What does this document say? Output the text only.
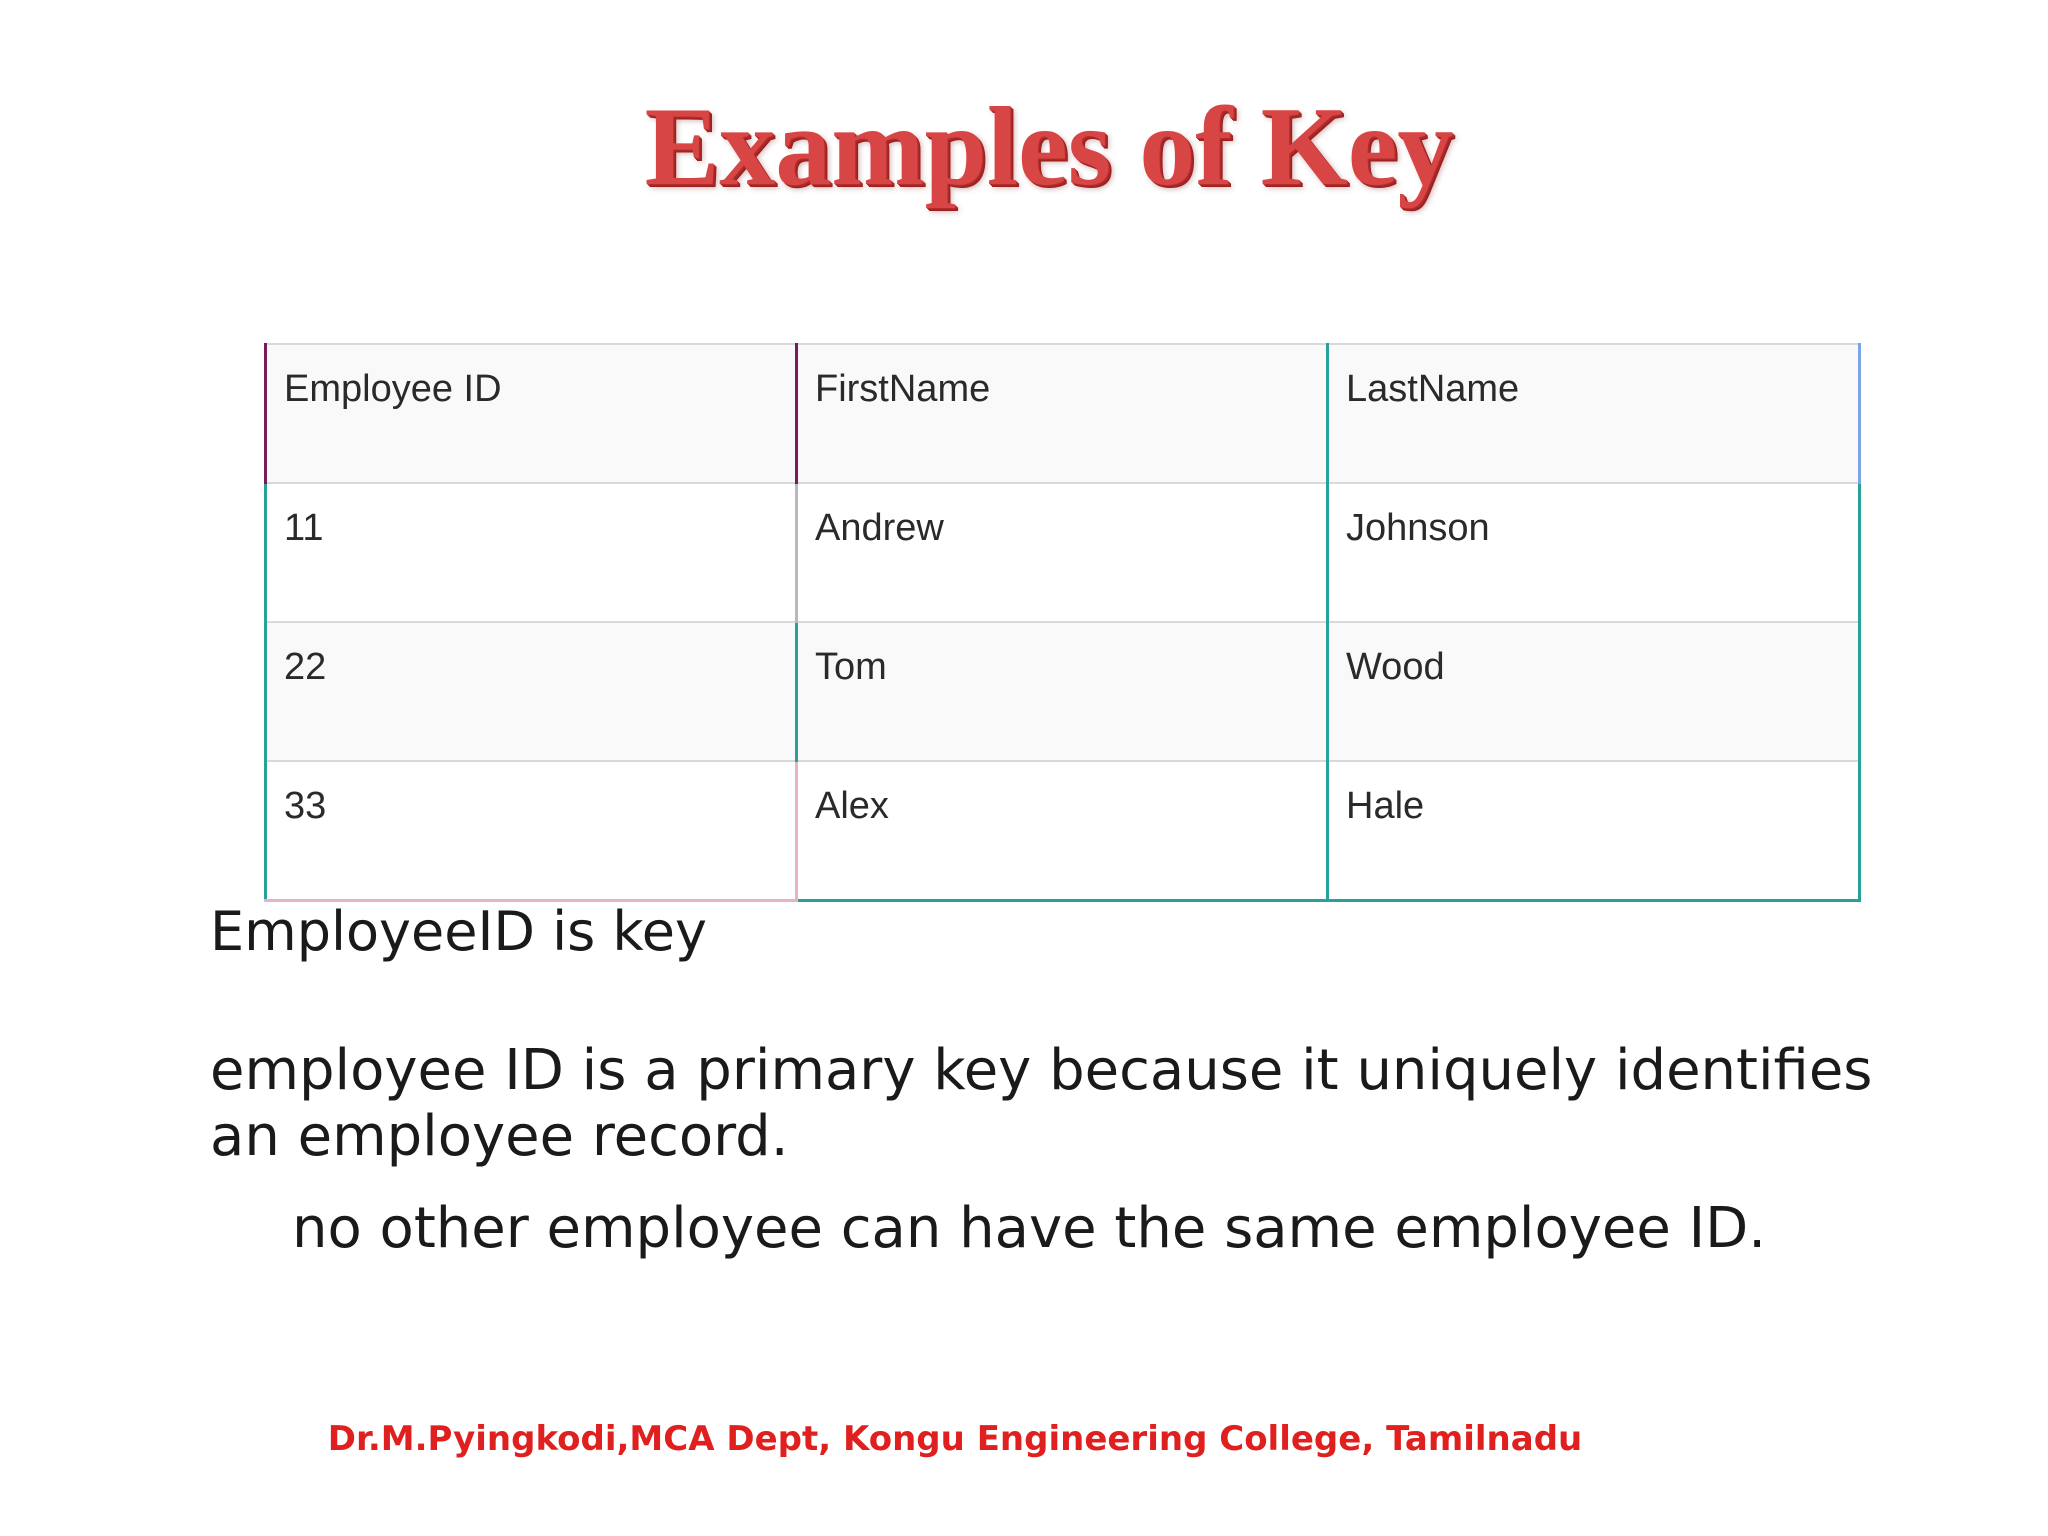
Examples of Key
Employee ID	FirstName	LastName
11	Andrew	Johnson
22	Tom	Wood
33	Alex	Hale
EmployeeID is key
employee ID is a primary key because it uniquely identifies an employee record.
no other employee can have the same employee ID.
Dr.M.Pyingkodi,MCA Dept, Kongu Engineering College, Tamilnadu
